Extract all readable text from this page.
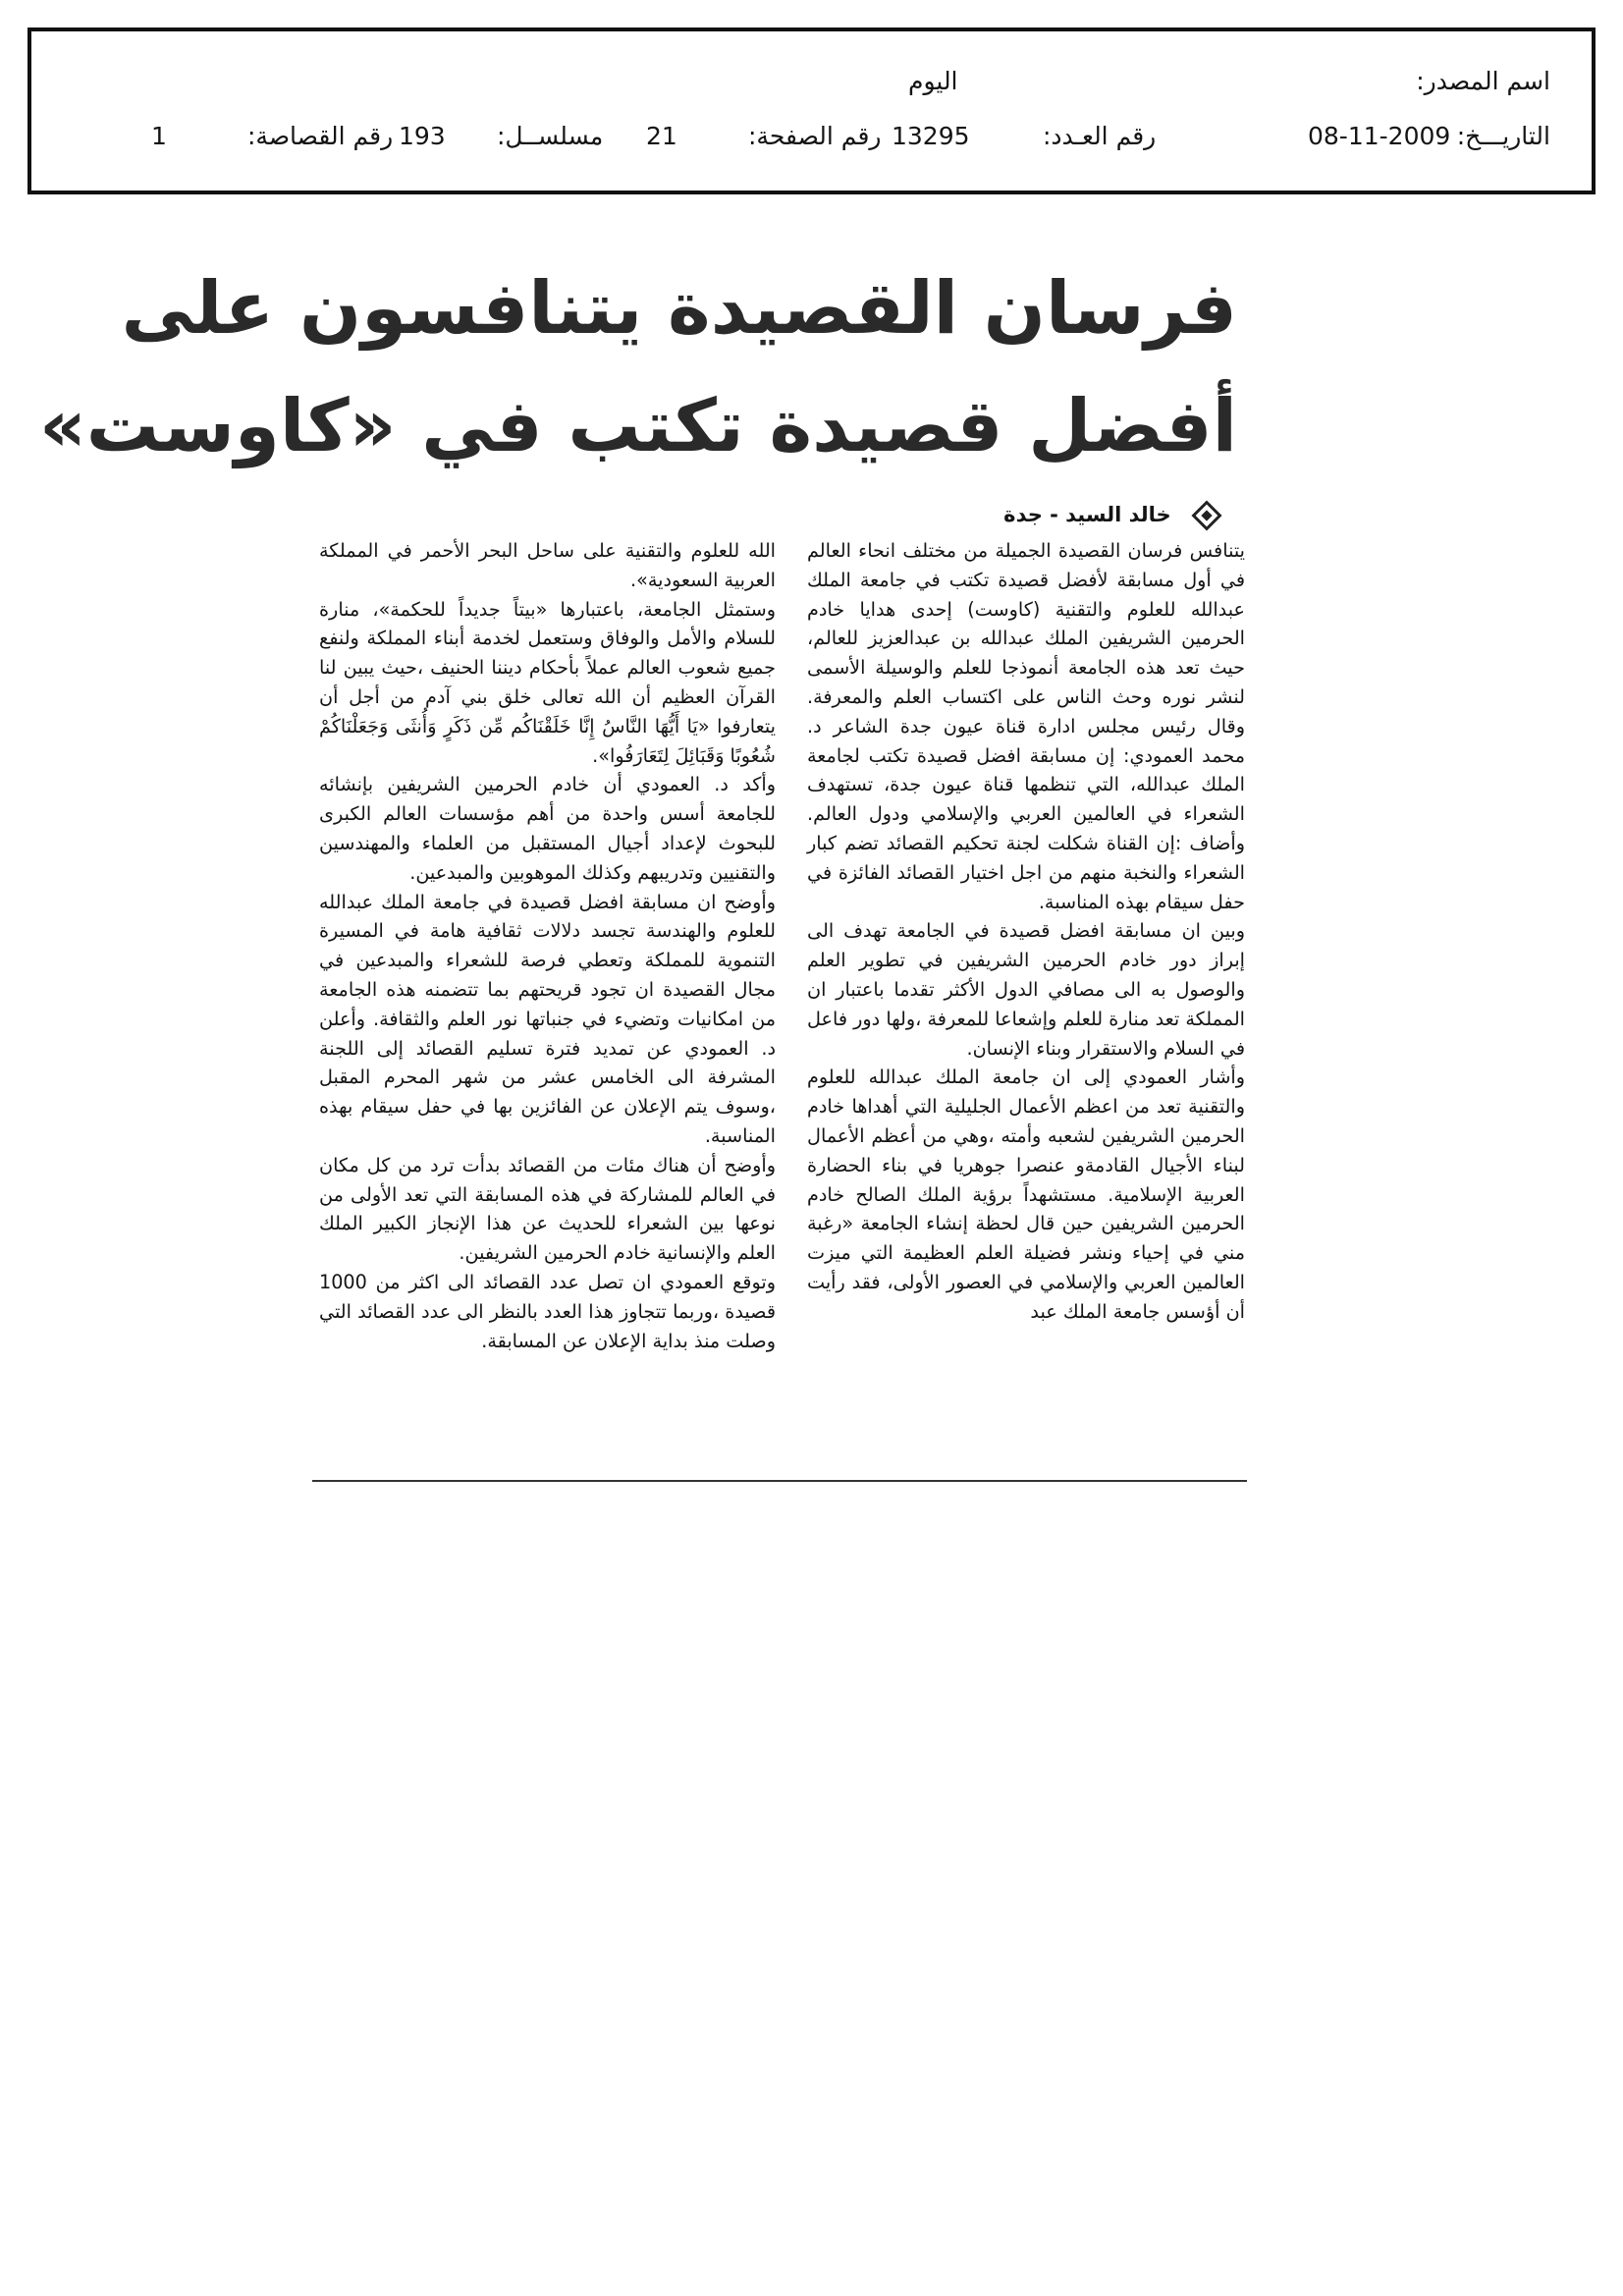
اسم المصدر:
اليوم
التاريـــخ:
08-11-2009
رقم العـدد:
13295
رقم الصفحة:
21
مسلســل:
193
رقم القصاصة:
1
فرسان القصيدة يتنافسون على
أفضل قصيدة تكتب في «كاوست»
خالد السيد - جدة

يتنافس فرسان القصيدة الجميلة من مختلف انحاء العالم في أول مسابقة لأفضل قصيدة تكتب في جامعة الملك عبدالله للعلوم والتقنية (كاوست) إحدى هدايا خادم الحرمين الشريفين الملك عبدالله بن عبدالعزيز للعالم، حيث تعد هذه الجامعة أنموذجا للعلم والوسيلة الأسمى لنشر نوره وحث الناس على اكتساب العلم والمعرفة. وقال رئيس مجلس ادارة قناة عيون جدة الشاعر د. محمد العمودي: إن مسابقة افضل قصيدة تكتب لجامعة الملك عبدالله، التي تنظمها قناة عيون جدة، تستهدف الشعراء في العالمين العربي والإسلامي ودول العالم. وأضاف :إن القناة شكلت لجنة تحكيم القصائد تضم كبار الشعراء والنخبة منهم من اجل اختيار القصائد الفائزة في حفل سيقام بهذه المناسبة.

وبين ان مسابقة افضل قصيدة في الجامعة تهدف الى إبراز دور خادم الحرمين الشريفين في تطوير العلم والوصول به الى مصافي الدول الأكثر تقدما باعتبار ان المملكة تعد منارة للعلم وإشعاعا للمعرفة ،ولها دور فاعل في السلام والاستقرار وبناء الإنسان.

وأشار العمودي إلى ان جامعة الملك عبدالله للعلوم والتقنية تعد من اعظم الأعمال الجليلية التي أهداها خادم الحرمين الشريفين لشعبه وأمته ،وهي من أعظم الأعمال لبناء الأجيال القادمةو عنصرا جوهريا في بناء الحضارة العربية الإسلامية. مستشهداً برؤية الملك الصالح خادم الحرمين الشريفين حين قال لحظة إنشاء الجامعة «رغبة مني في إحياء ونشر فضيلة العلم العظيمة التي ميزت العالمين العربي والإسلامي في العصور الأولى، فقد رأيت أن أؤسس جامعة الملك عبد

الله للعلوم والتقنية على ساحل البحر الأحمر في المملكة العربية السعودية».

وستمثل الجامعة، باعتبارها «بيتاً جديداً للحكمة»، منارة للسلام والأمل والوفاق وستعمل لخدمة أبناء المملكة ولنفع جميع شعوب العالم عملاً بأحكام ديننا الحنيف ،حيث يبين لنا القرآن العظيم أن الله تعالى خلق بني آدم من أجل أن يتعارفوا «يَا أَيُّهَا النَّاسُ إِنَّا خَلَقْنَاكُم مِّن ذَكَرٍ وَأُنثَى وَجَعَلْنَاكُمْ شُعُوبًا وَقَبَائِلَ لِتَعَارَفُوا».

وأكد د. العمودي أن خادم الحرمين الشريفين بإنشائه للجامعة أسس واحدة من أهم مؤسسات العالم الكبرى للبحوث لإعداد أجيال المستقبل من العلماء والمهندسين والتقنيين وتدريبهم وكذلك الموهوبين والمبدعين.

وأوضح ان مسابقة افضل قصيدة في جامعة الملك عبدالله للعلوم والهندسة تجسد دلالات ثقافية هامة في المسيرة التنموية للمملكة وتعطي فرصة للشعراء والمبدعين في مجال القصيدة ان تجود قريحتهم بما تتضمنه هذه الجامعة من امكانيات وتضيء في جنباتها نور العلم والثقافة. وأعلن د. العمودي عن تمديد فترة تسليم القصائد إلى اللجنة المشرفة الى الخامس عشر من شهر المحرم المقبل ،وسوف يتم الإعلان عن الفائزين بها في حفل سيقام بهذه المناسبة.

وأوضح أن هناك مئات من القصائد بدأت ترد من كل مكان في العالم للمشاركة في هذه المسابقة التي تعد الأولى من نوعها بين الشعراء للحديث عن هذا الإنجاز الكبير الملك العلم والإنسانية خادم الحرمين الشريفين.

وتوقع العمودي ان تصل عدد القصائد الى اكثر من 1000 قصيدة ،وربما تتجاوز هذا العدد بالنظر الى عدد القصائد التي وصلت منذ بداية الإعلان عن المسابقة.
